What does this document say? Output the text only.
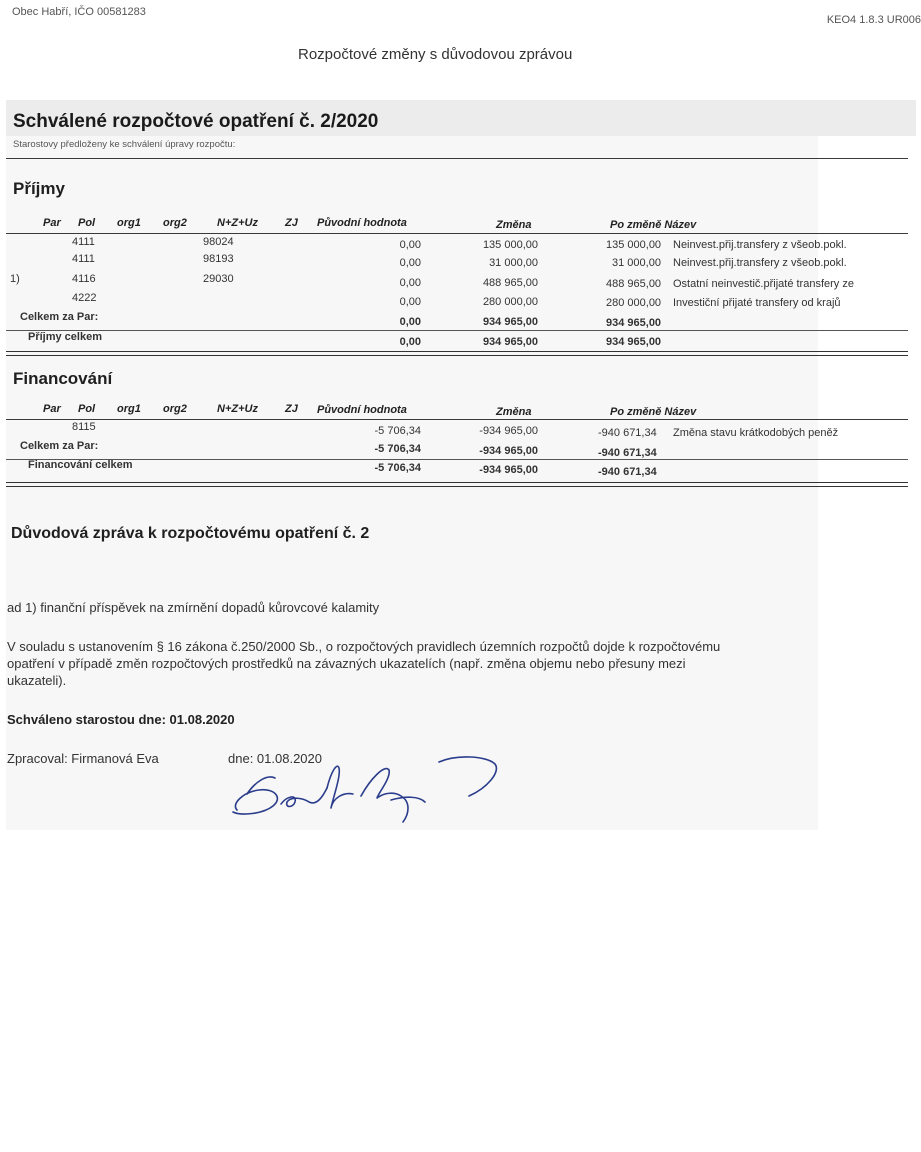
Obec Habří, IČO 00581283
KEO4 1.8.3 UR006
Rozpočtové změny s důvodovou zprávou
Schválené rozpočtové opatření č. 2/2020
Starostovy předloženy ke schválení úpravy rozpočtu:
Příjmy
Par Pol org1 org2	N+Z+Uz ZJ Původní hodnota	Změna	Po změně Název
4111	98024	0,00	135 000,00	135 000,00 Neinvest.přij.transfery z všeob.pokl.
4111	98193	0,00	31 000,00	31 000,00 Neinvest.přij.transfery z všeob.pokl.
1)	4116	29030	0,00	488 965,00	488 965,00 Ostatní neinvestič.přijaté transfery ze
4222	0,00	280 000,00	280 000,00 Investiční přijaté transfery od krajů
Celkem za Par:	0,00	934 965,00	934 965,00
Příjmy celkem	0,00	934 965,00	934 965,00
Financování
Par Pol org1 org2	N+Z+Uz ZJ Původní hodnota	Změna	Po změně Název
8115	-5 706,34	-934 965,00	-940 671,34 Změna stavu krátkodobých peněž
Celkem za Par:	-5 706,34	-934 965,00	-940 671,34
Financování celkem	-5 706,34	-934 965,00	-940 671,34
Důvodová zpráva k rozpočtovému opatření č. 2
ad 1) finanční příspěvek na zmírnění dopadů kůrovcové kalamity
V souladu s ustanovením § 16 zákona č.250/2000 Sb., o rozpočtových pravidlech územních rozpočtů dojde k rozpočtovému
opatření v případě změn rozpočtových prostředků na závazných ukazatelích (např. změna objemu nebo přesuny mezi
ukazateli).
Schváleno starostou dne: 01.08.2020
Zpracoval: Firmanová Eva	dne: 01.08.2020
